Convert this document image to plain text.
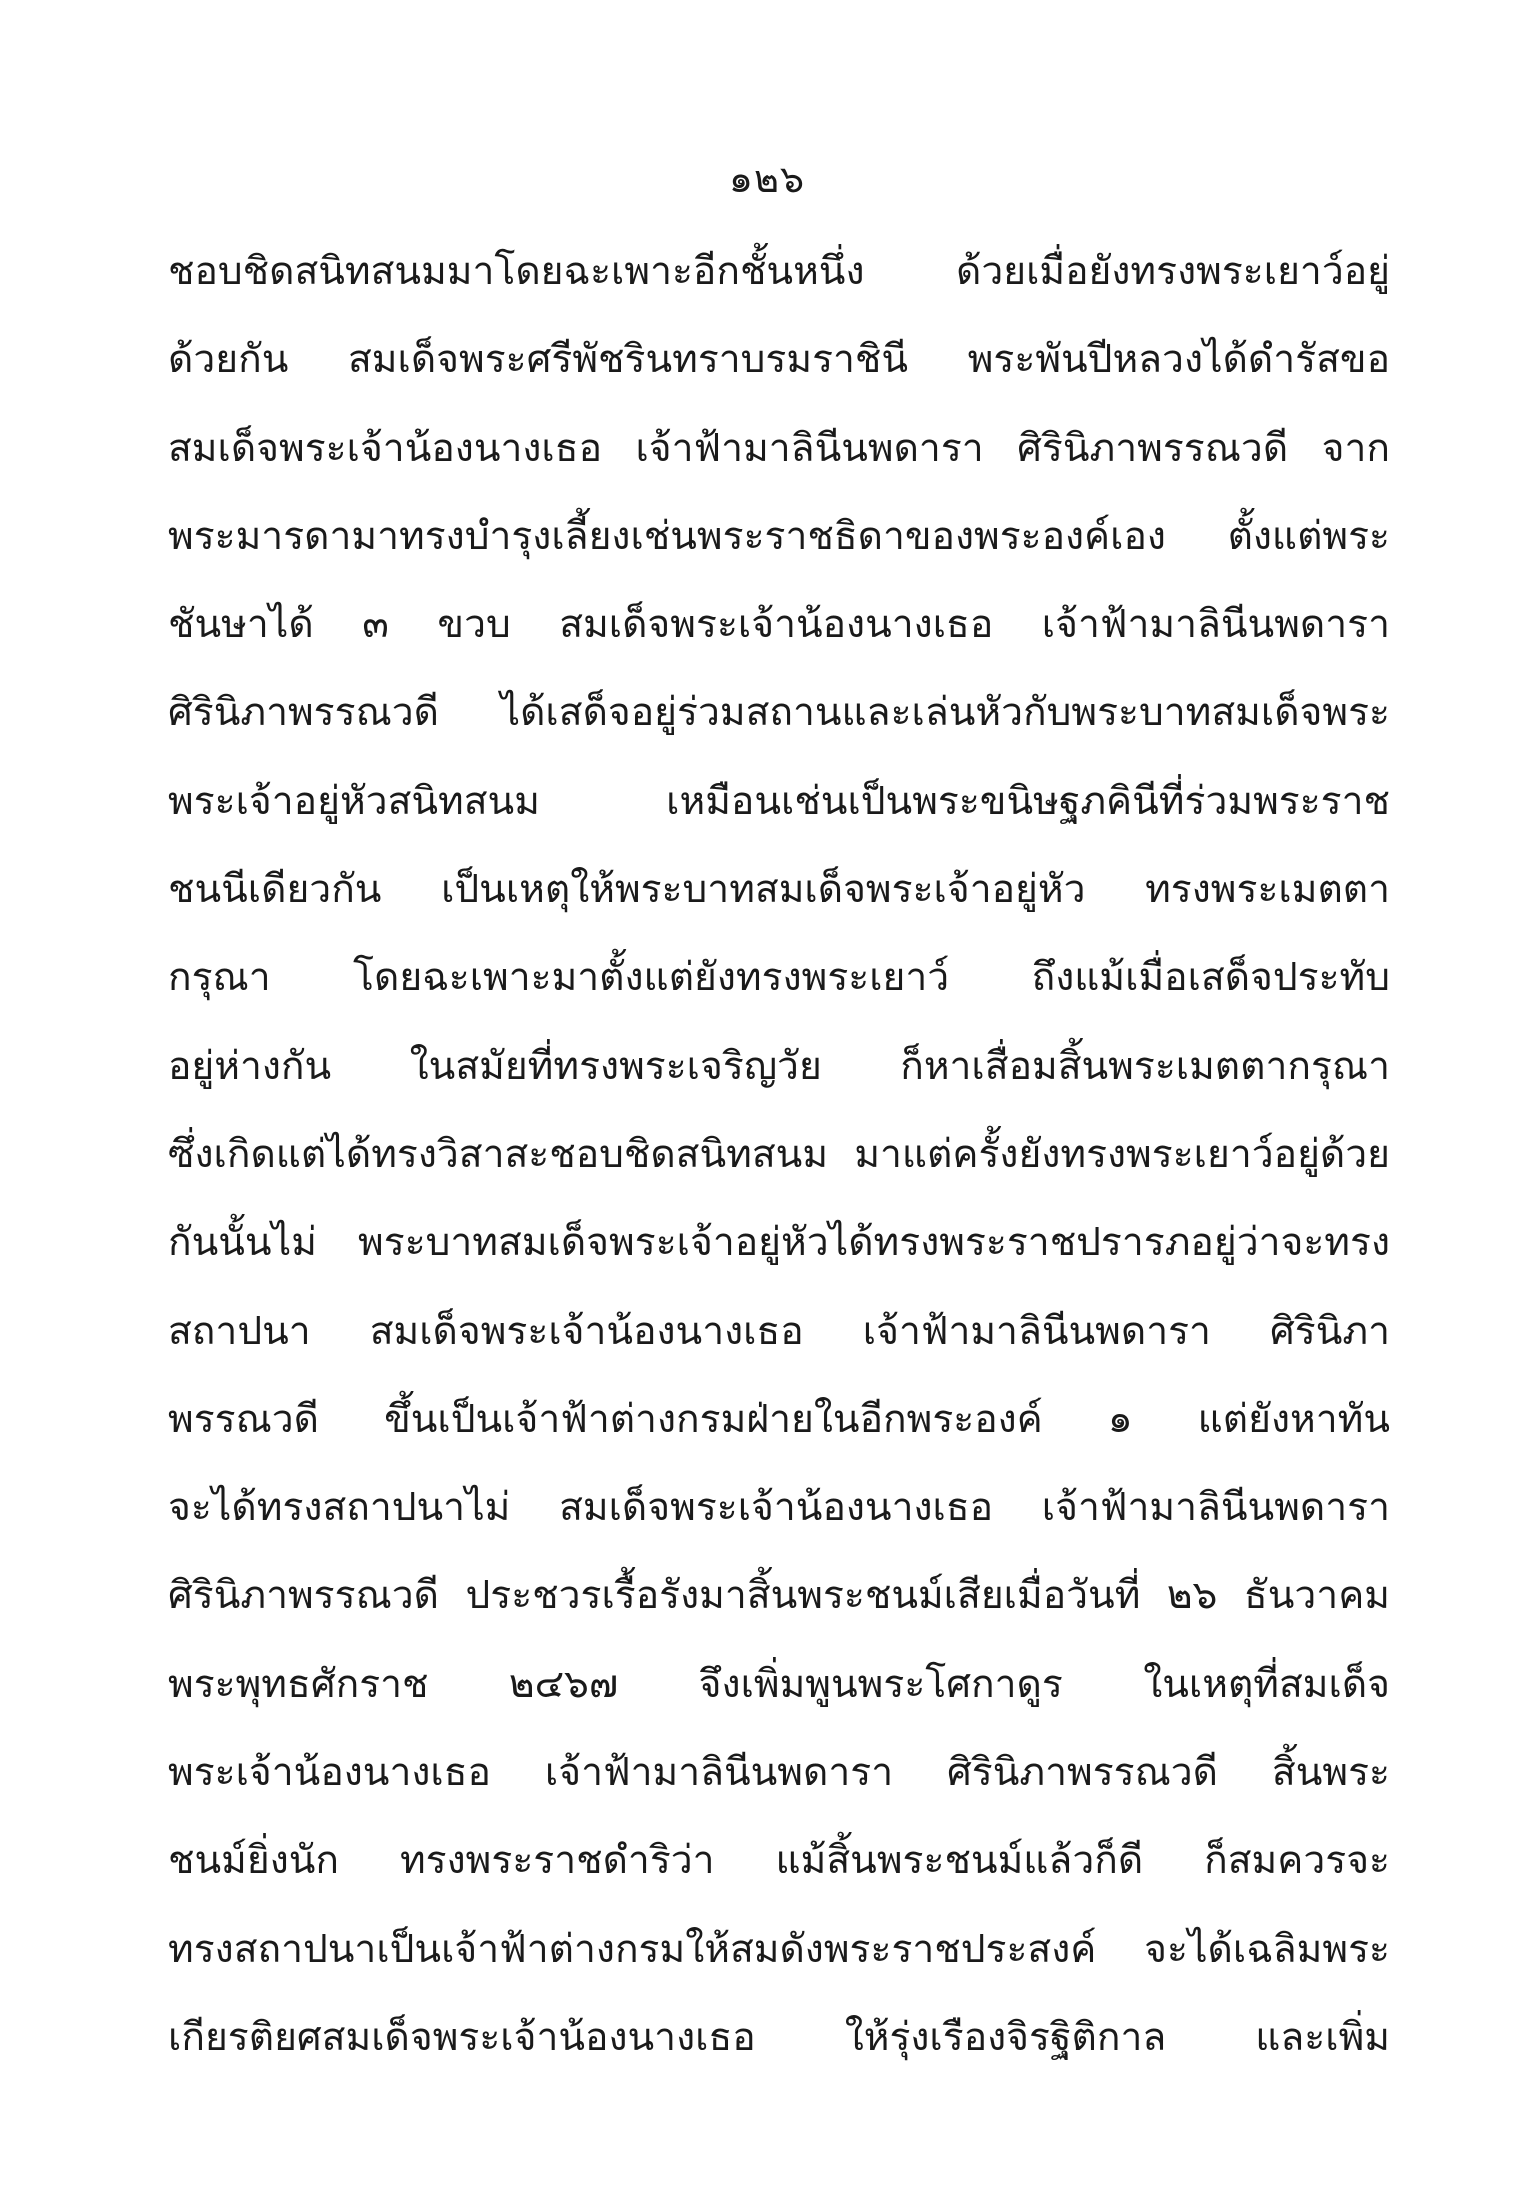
๑๒๖
ชอบชิดสนิทสนมมาโดยฉะเพาะอีกชั้นหนึ่ง ด้วยเมื่อยังทรงพระเยาว์อยู่
ด้วยกัน สมเด็จพระศรีพัชรินทราบรมราชินี พระพันปีหลวงได้ดำรัสขอ
สมเด็จพระเจ้าน้องนางเธอ เจ้าฟ้ามาลินีนพดารา ศิรินิภาพรรณวดี จาก
พระมารดามาทรงบำรุงเลี้ยงเช่นพระราชธิดาของพระองค์เอง ตั้งแต่พระ
ชันษาได้ ๓ ขวบ สมเด็จพระเจ้าน้องนางเธอ เจ้าฟ้ามาลินีนพดารา
ศิรินิภาพรรณวดี ได้เสด็จอยู่ร่วมสถานและเล่นหัวกับพระบาทสมเด็จพระ
พระเจ้าอยู่หัวสนิทสนม เหมือนเช่นเป็นพระขนิษฐภคินีที่ร่วมพระราช
ชนนีเดียวกัน เป็นเหตุให้พระบาทสมเด็จพระเจ้าอยู่หัว ทรงพระเมตตา
กรุณา โดยฉะเพาะมาตั้งแต่ยังทรงพระเยาว์ ถึงแม้เมื่อเสด็จประทับ
อยู่ห่างกัน ในสมัยที่ทรงพระเจริญวัย ก็หาเสื่อมสิ้นพระเมตตากรุณา
ซึ่งเกิดแต่ได้ทรงวิสาสะชอบชิดสนิทสนม มาแต่ครั้งยังทรงพระเยาว์อยู่ด้วย
กันนั้นไม่ พระบาทสมเด็จพระเจ้าอยู่หัวได้ทรงพระราชปรารภอยู่ว่าจะทรง
สถาปนา สมเด็จพระเจ้าน้องนางเธอ เจ้าฟ้ามาลินีนพดารา ศิรินิภา
พรรณวดี ขึ้นเป็นเจ้าฟ้าต่างกรมฝ่ายในอีกพระองค์ ๑ แต่ยังหาทัน
จะได้ทรงสถาปนาไม่ สมเด็จพระเจ้าน้องนางเธอ เจ้าฟ้ามาลินีนพดารา
ศิรินิภาพรรณวดี ประชวรเรื้อรังมาสิ้นพระชนม์เสียเมื่อวันที่ ๒๖ ธันวาคม
พระพุทธศักราช ๒๔๖๗ จึงเพิ่มพูนพระโศกาดูร ในเหตุที่สมเด็จ
พระเจ้าน้องนางเธอ เจ้าฟ้ามาลินีนพดารา ศิรินิภาพรรณวดี สิ้นพระ
ชนม์ยิ่งนัก ทรงพระราชดำริว่า แม้สิ้นพระชนม์แล้วก็ดี ก็สมควรจะ
ทรงสถาปนาเป็นเจ้าฟ้าต่างกรมให้สมดังพระราชประสงค์ จะได้เฉลิมพระ
เกียรติยศสมเด็จพระเจ้าน้องนางเธอ ให้รุ่งเรืองจิรฐิติกาล และเพิ่ม
